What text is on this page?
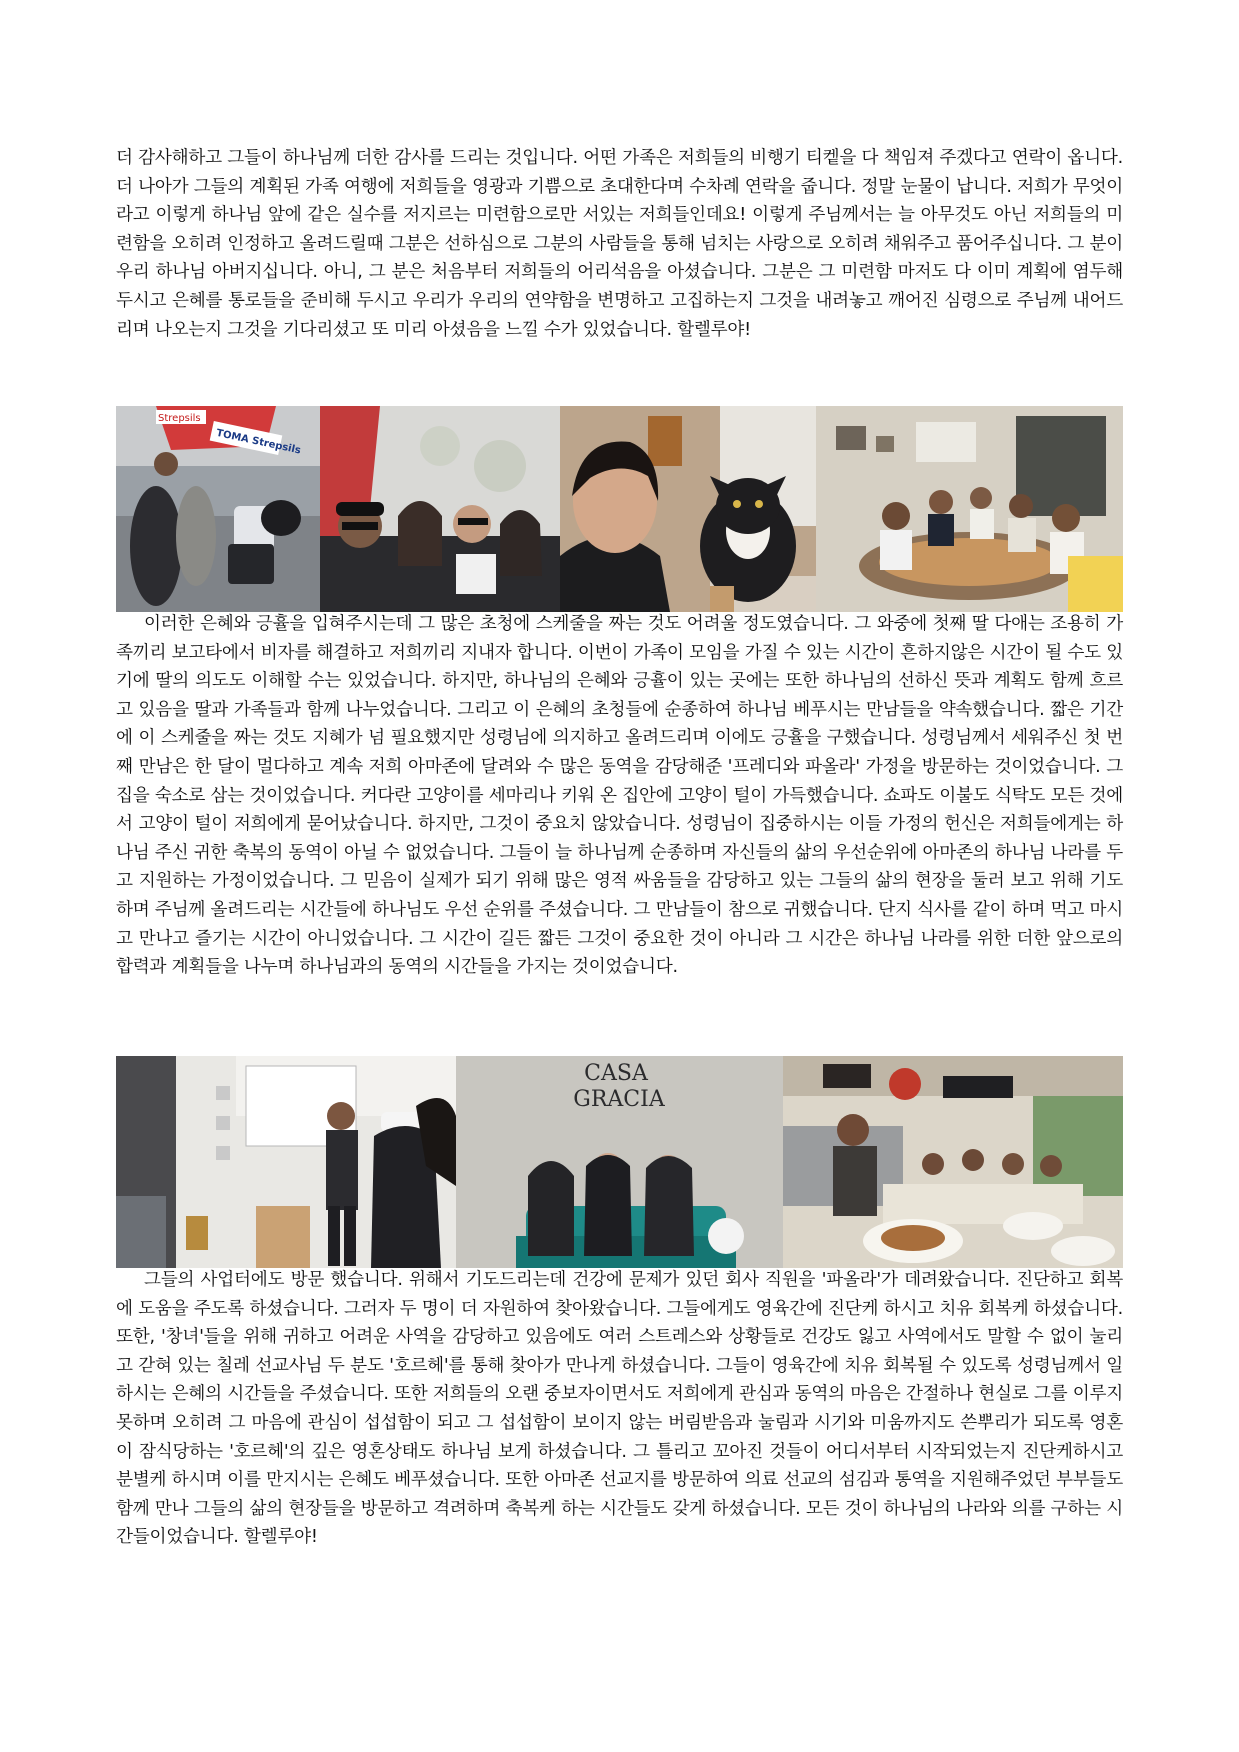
더 감사해하고 그들이 하나님께 더한 감사를 드리는 것입니다. 어떤 가족은 저희들의 비행기 티켙을 다 책임져 주겠다고 연락이 옵니다. 더 나아가 그들의 계획된 가족 여행에 저희들을 영광과 기쁨으로 초대한다며 수차례 연락을 줍니다. 정말 눈물이 납니다. 저희가 무엇이라고 이렇게 하나님 앞에 같은 실수를 저지르는 미련함으로만 서있는 저희들인데요! 이렇게 주님께서는 늘 아무것도 아닌 저희들의 미련함을 오히려 인정하고 올려드릴때 그분은 선하심으로 그분의 사람들을 통해 넘치는 사랑으로 오히려 채워주고 품어주십니다. 그 분이 우리 하나님 아버지십니다. 아니, 그 분은 처음부터 저희들의 어리석음을 아셨습니다. 그분은 그 미련함 마저도 다 이미 계획에 염두해 두시고 은혜를 통로들을 준비해 두시고 우리가 우리의 연약함을 변명하고 고집하는지 그것을 내려놓고 깨어진 심령으로 주님께 내어드리며 나오는지 그것을 기다리셨고 또 미리 아셨음을 느낄 수가 있었습니다. 할렐루야!

Strepsils
TOMA Strepsils

이러한 은혜와 긍휼을 입혀주시는데 그 많은 초청에 스케줄을 짜는 것도 어려울 정도였습니다. 그 와중에 첫째 딸 다애는 조용히 가족끼리 보고타에서 비자를 해결하고 저희끼리 지내자 합니다. 이번이 가족이 모임을 가질 수 있는 시간이 흔하지않은 시간이 될 수도 있기에 딸의 의도도 이해할 수는 있었습니다. 하지만, 하나님의 은혜와 긍휼이 있는 곳에는 또한 하나님의 선하신 뜻과 계획도 함께 흐르고 있음을 딸과 가족들과 함께 나누었습니다. 그리고 이 은혜의 초청들에 순종하여 하나님 베푸시는 만남들을 약속했습니다. 짧은 기간에 이 스케줄을 짜는 것도 지혜가 넘 필요했지만 성령님에 의지하고 올려드리며 이에도 긍휼을 구했습니다. 성령님께서 세워주신 첫 번째 만남은 한 달이 멀다하고 계속 저희 아마존에 달려와 수 많은 동역을 감당해준 '프레디와 파올라' 가정을 방문하는 것이었습니다. 그 집을 숙소로 삼는 것이었습니다. 커다란 고양이를 세마리나 키워 온 집안에 고양이 털이 가득했습니다. 쇼파도 이불도 식탁도 모든 것에서 고양이 털이 저희에게 묻어났습니다. 하지만, 그것이 중요치 않았습니다. 성령님이 집중하시는 이들 가정의 헌신은 저희들에게는 하나님 주신 귀한 축복의 동역이 아닐 수 없었습니다. 그들이 늘 하나님께 순종하며 자신들의 삶의 우선순위에 아마존의 하나님 나라를 두고 지원하는 가정이었습니다. 그 믿음이 실제가 되기 위해 많은 영적 싸움들을 감당하고 있는 그들의 삶의 현장을 둘러 보고 위해 기도하며 주님께 올려드리는 시간들에 하나님도 우선 순위를 주셨습니다. 그 만남들이 참으로 귀했습니다. 단지 식사를 같이 하며 먹고 마시고 만나고 즐기는 시간이 아니었습니다. 그 시간이 길든 짧든 그것이 중요한 것이 아니라 그 시간은 하나님 나라를 위한 더한 앞으로의 합력과 계획들을 나누며 하나님과의 동역의 시간들을 가지는 것이었습니다.

CASA
GRACIA

그들의 사업터에도 방문 했습니다. 위해서 기도드리는데 건강에 문제가 있던 회사 직원을 '파올라'가 데려왔습니다. 진단하고 회복에 도움을 주도록 하셨습니다. 그러자 두 명이 더 자원하여 찾아왔습니다. 그들에게도 영육간에 진단케 하시고 치유 회복케 하셨습니다. 또한, '창녀'들을 위해 귀하고 어려운 사역을 감당하고 있음에도 여러 스트레스와 상황들로 건강도 잃고 사역에서도 말할 수 없이 눌리고 갇혀 있는 칠레 선교사님 두 분도 '호르헤'를 통해 찾아가 만나게 하셨습니다. 그들이 영육간에 치유 회복될 수 있도록 성령님께서 일하시는 은혜의 시간들을 주셨습니다. 또한 저희들의 오랜 중보자이면서도 저희에게 관심과 동역의 마음은 간절하나 현실로 그를 이루지 못하며 오히려 그 마음에 관심이 섭섭함이 되고 그 섭섭함이 보이지 않는 버림받음과 눌림과 시기와 미움까지도 쓴뿌리가 되도록 영혼이 잠식당하는 '호르헤'의 깊은 영혼상태도 하나님 보게 하셨습니다. 그 틀리고 꼬아진 것들이 어디서부터 시작되었는지 진단케하시고 분별케 하시며 이를 만지시는 은혜도 베푸셨습니다. 또한 아마존 선교지를 방문하여 의료 선교의 섬김과 통역을 지원해주었던 부부들도 함께 만나 그들의 삶의 현장들을 방문하고 격려하며 축복케 하는 시간들도 갖게 하셨습니다. 모든 것이 하나님의 나라와 의를 구하는 시간들이었습니다. 할렐루야!
